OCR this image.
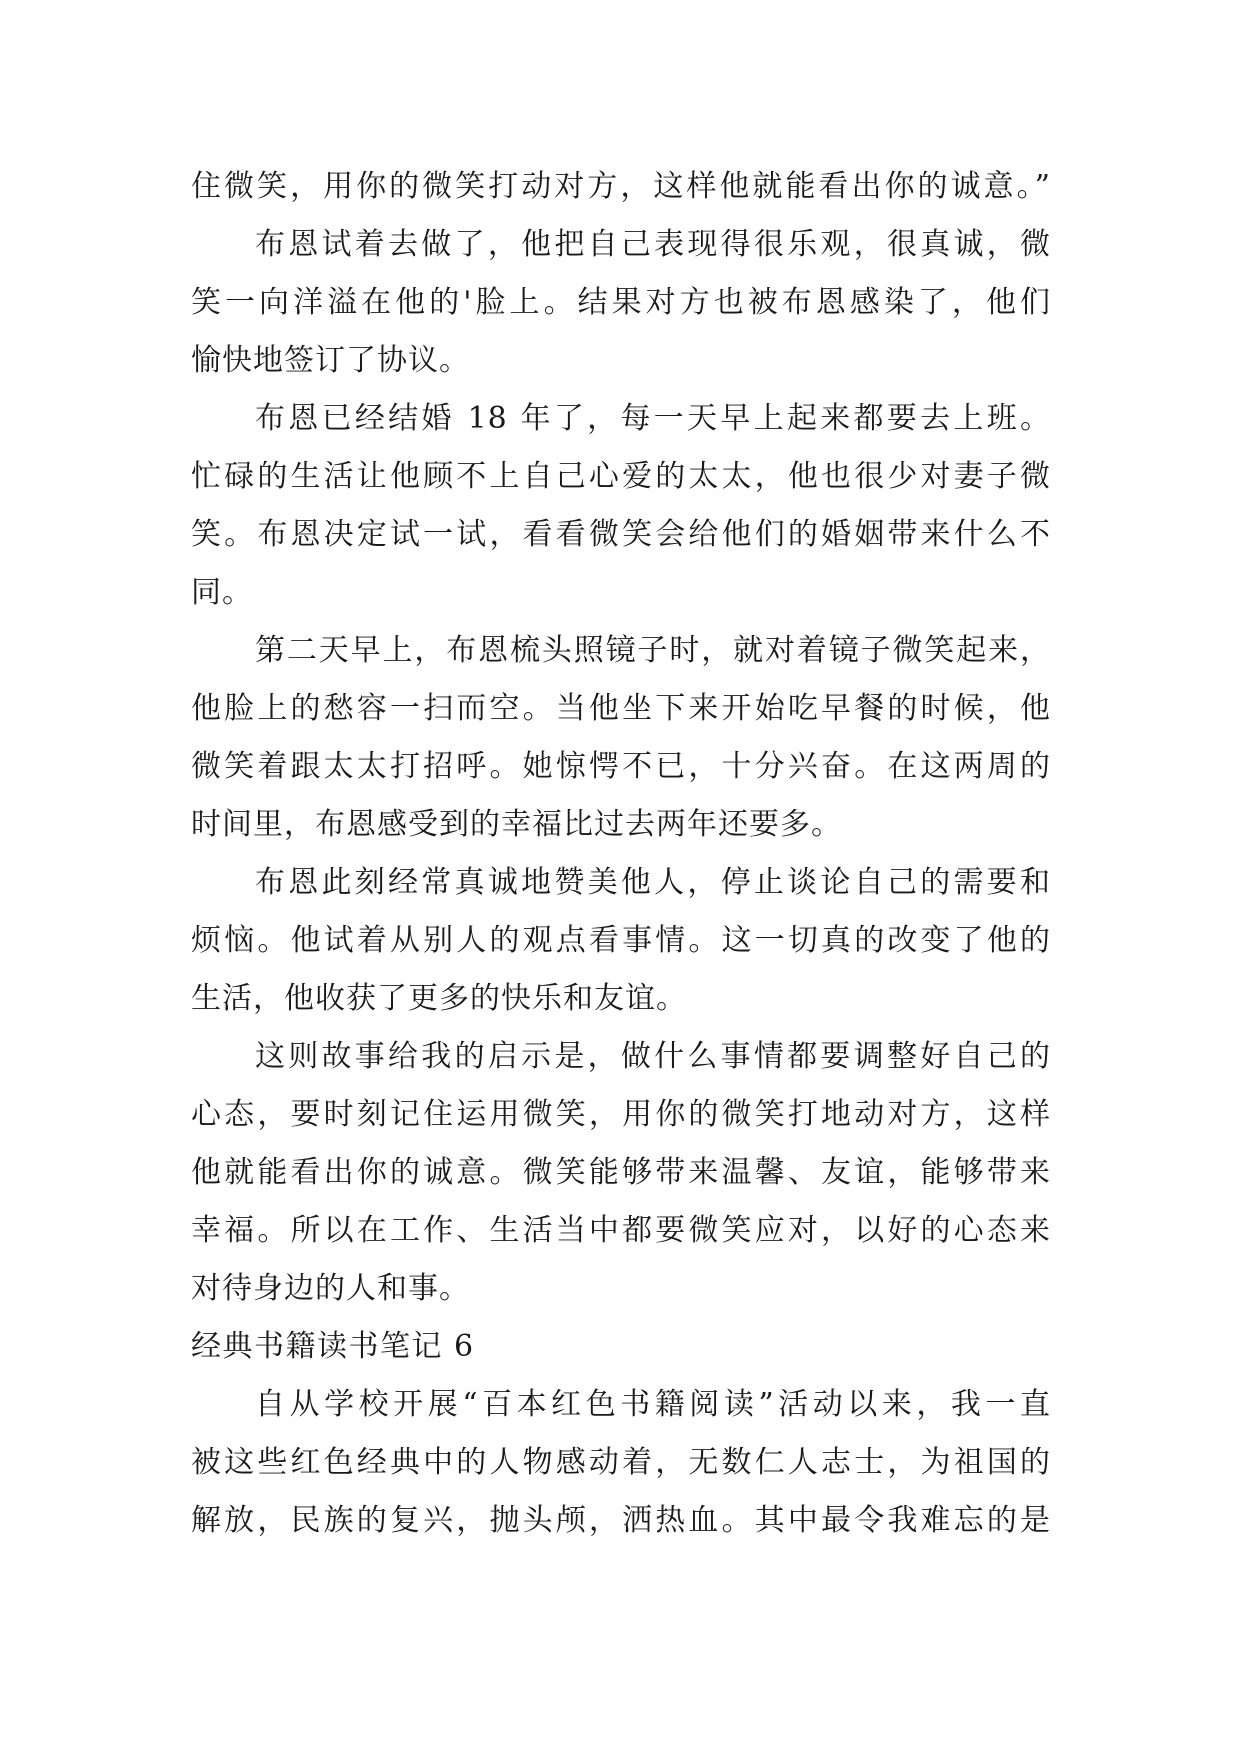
住微笑，用你的微笑打动对方，这样他就能看出你的诚意。”
布恩试着去做了，他把自己表现得很乐观，很真诚，微
笑一向洋溢在他的'脸上。结果对方也被布恩感染了，他们
愉快地签订了协议。
布恩已经结婚 18 年了，每一天早上起来都要去上班。
忙碌的生活让他顾不上自己心爱的太太，他也很少对妻子微
笑。布恩决定试一试，看看微笑会给他们的婚姻带来什么不
同。
第二天早上，布恩梳头照镜子时，就对着镜子微笑起来，
他脸上的愁容一扫而空。当他坐下来开始吃早餐的时候，他
微笑着跟太太打招呼。她惊愕不已，十分兴奋。在这两周的
时间里，布恩感受到的幸福比过去两年还要多。
布恩此刻经常真诚地赞美他人，停止谈论自己的需要和
烦恼。他试着从别人的观点看事情。这一切真的改变了他的
生活，他收获了更多的快乐和友谊。
这则故事给我的启示是，做什么事情都要调整好自己的
心态，要时刻记住运用微笑，用你的微笑打地动对方，这样
他就能看出你的诚意。微笑能够带来温馨、友谊，能够带来
幸福。所以在工作、生活当中都要微笑应对，以好的心态来
对待身边的人和事。
经典书籍读书笔记 6
自从学校开展“百本红色书籍阅读”活动以来，我一直
被这些红色经典中的人物感动着，无数仁人志士，为祖国的
解放，民族的复兴，抛头颅，洒热血。其中最令我难忘的是
